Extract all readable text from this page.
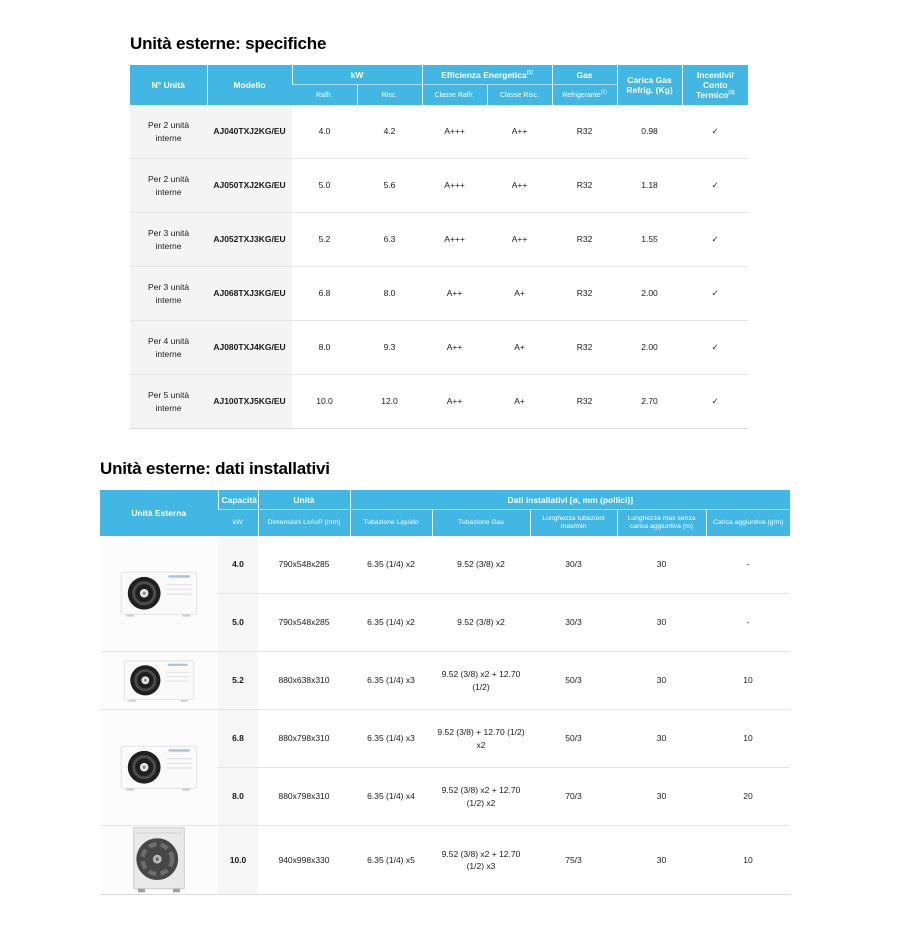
Unità esterne: specifiche
N° Unità	Modello	kW		Efficienza Energetica$^{(1)}$		Gas	Carica Gas Refrig. (Kg)	Incentivi/
Conto Termico$^{(3)}$
		Raffr.	Risc.	Classe Raffr.	Classe Risc.	Refrigerante$^{(2)}$
Per 2 unità interne	AJ040TXJ2KG/EU	4.0	4.2	A+++	A++	R32	0.98	✓
Per 2 unità interne	AJ050TXJ2KG/EU	5.0	5.6	A+++	A++	R32	1.18	✓
Per 3 unità interne	AJ052TXJ3KG/EU	5.2	6.3	A+++	A++	R32	1.55	✓
Per 3 unità interne	AJ068TXJ3KG/EU	6.8	8.0	A++	A+	R32	2.00	✓
Per 4 unità interne	AJ080TXJ4KG/EU	8.0	9.3	A++	A+	R32	2.00	✓
Per 5 unità interne	AJ100TXJ5KG/EU	10.0	12.0	A++	A+	R32	2.70	✓
Unità esterne: dati installativi
Unità Esterna	Capacità	Unità	Dati installativi [ø, mm (pollici)]				
	kW	Dimensioni LxAxP (mm)	Tubazione Liquido	Tubazione Gas	Lunghezza tubazioni max/min	Lunghezza max senza carica aggiuntiva (m)	Carica aggiuntiva (g/m)

	4.0	790x548x285	6.35 (1/4) x2	9.52 (3/8) x2	30/3	30	-
	5.0	790x548x285	6.35 (1/4) x2	9.52 (3/8) x2	30/3	30	-

	5.2	880x638x310	6.35 (1/4) x3	9.52 (3/8) x2 + 12.70 (1/2)	50/3	30	10

	6.8	880x798x310	6.35 (1/4) x3	9.52 (3/8) + 12.70 (1/2) x2	50/3	30	10
	8.0	880x798x310	6.35 (1/4) x4	9.52 (3/8) x2 + 12.70 (1/2) x2	70/3	30	20

	10.0	940x998x330	6.35 (1/4) x5	9.52 (3/8) x2 + 12.70 (1/2) x3	75/3	30	10
